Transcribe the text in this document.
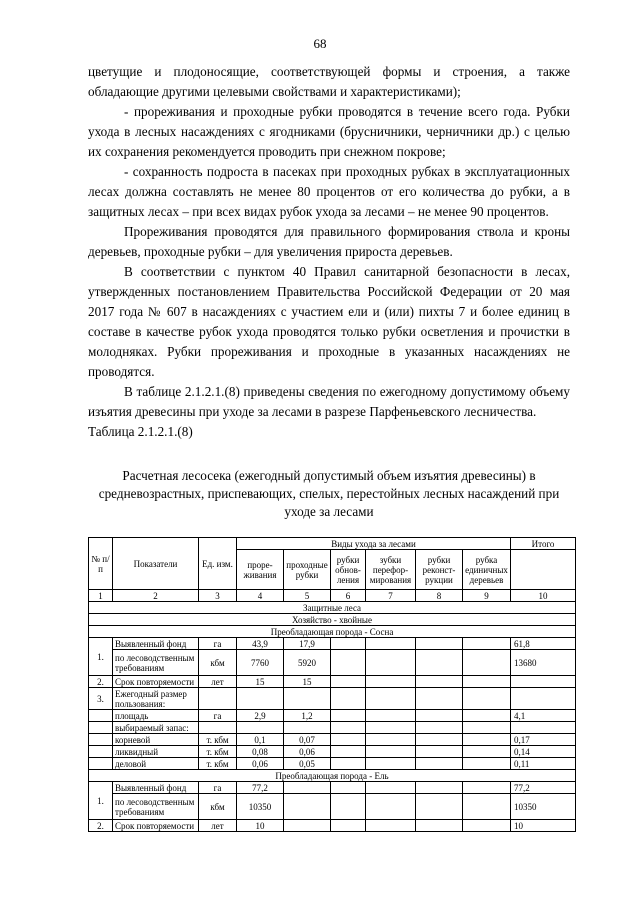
68

цветущие и плодоносящие, соответствующей формы и строения, а также обладающие другими целевыми свойствами и характеристиками);

- прореживания и проходные рубки проводятся в течение всего года. Рубки ухода в лесных насаждениях с ягодниками (брусничники, черничники др.) с целью их сохранения рекомендуется проводить при снежном покрове;

- сохранность подроста в пасеках при проходных рубках в эксплуатационных лесах должна составлять не менее 80 процентов от его количества до рубки, а в защитных лесах – при всех видах рубок ухода за лесами – не менее 90 процентов.

Прореживания проводятся для правильного формирования ствола и кроны деревьев, проходные рубки – для увеличения прироста деревьев.

В соответствии с пунктом 40 Правил санитарной безопасности в лесах, утвержденных постановлением Правительства Российской Федерации от 20 мая 2017 года № 607 в насаждениях с участием ели и (или) пихты 7 и более единиц в составе в качестве рубок ухода проводятся только рубки осветления и прочистки в молодняках. Рубки прореживания и проходные в указанных насаждениях не проводятся.

В таблице 2.1.2.1.(8) приведены сведения по ежегодному допустимому объему изъятия древесины при уходе за лесами в разрезе Парфеньевского лесничества.

Таблица 2.1.2.1.(8)

Расчетная лесосека (ежегодный допустимый объем изъятия древесины) в средневозрастных, приспевающих, спелых, перестойных лесных насаждений при уходе за лесами
№ п/п	Показатели	Ед. изм.	Виды ухода за лесами						Итого
			проре-живания	проходные рубки	рубки обнов-ления	зубки перефор-мирования	рубки реконст-рукции	рубка единичных деревьев	
1	2	3	4	5	6	7	8	9	10
Защитные леса									
Хозяйство - хвойные									
Преобладающая порода - Сосна									
1.	Выявленный фонд	га	43,9	17,9					61,8
	по лесоводственным требованиям	кбм	7760	5920					13680
2.	Срок повторяемости	лет	15	15					
3.	Ежегодный размер пользования:								
	площадь	га	2,9	1,2					4,1
	выбираемый запас:								
	корневой	т. кбм	0,1	0,07					0,17
	ликвидный	т. кбм	0,08	0,06					0,14
	деловой	т. кбм	0,06	0,05					0,11
Преобладающая порода - Ель									
1.	Выявленный фонд	га	77,2						77,2
	по лесоводственным требованиям	кбм	10350						10350
2.	Срок повторяемости	лет	10						10
